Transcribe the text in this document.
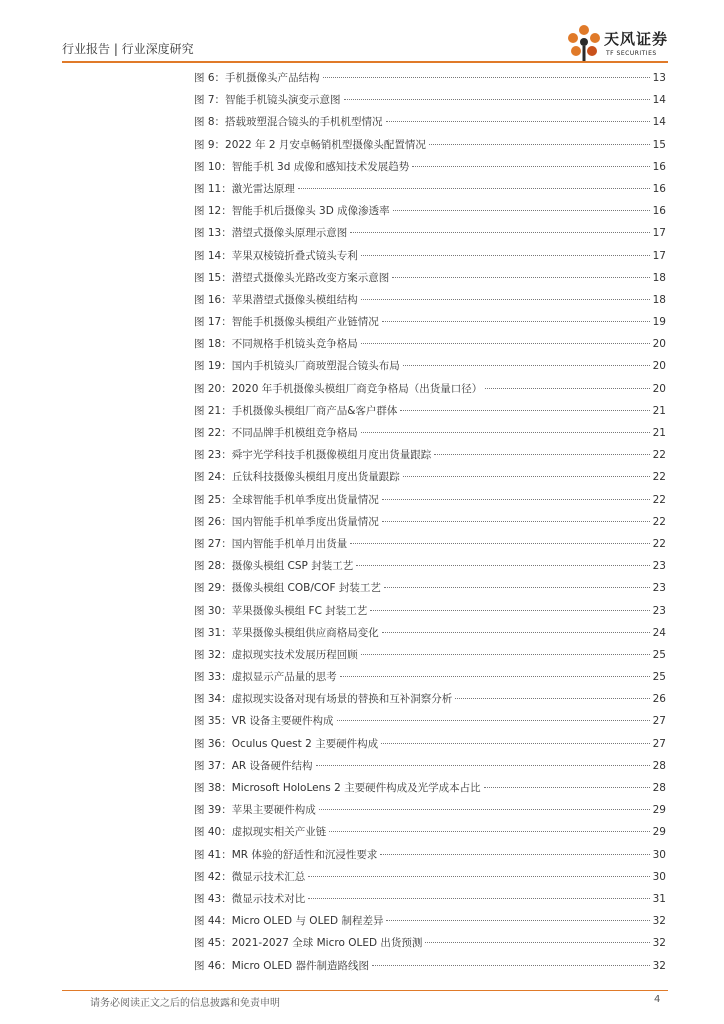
行业报告 | 行业深度研究
天风证券
TF SECURITIES
图 6：手机摄像头产品结构	13
图 7：智能手机镜头演变示意图	14
图 8：搭载玻塑混合镜头的手机机型情况	14
图 9：2022 年 2 月安卓畅销机型摄像头配置情况	15
图 10：智能手机 3d 成像和感知技术发展趋势	16
图 11：激光雷达原理	16
图 12：智能手机后摄像头 3D 成像渗透率	16
图 13：潜望式摄像头原理示意图	17
图 14：苹果双棱镜折叠式镜头专利	17
图 15：潜望式摄像头光路改变方案示意图	18
图 16：苹果潜望式摄像头模组结构	18
图 17：智能手机摄像头模组产业链情况	19
图 18：不同规格手机镜头竞争格局	20
图 19：国内手机镜头厂商玻塑混合镜头布局	20
图 20：2020 年手机摄像头模组厂商竞争格局（出货量口径）	20
图 21：手机摄像头模组厂商产品&客户群体	21
图 22：不同品牌手机模组竞争格局	21
图 23：舜宇光学科技手机摄像模组月度出货量跟踪	22
图 24：丘钛科技摄像头模组月度出货量跟踪	22
图 25：全球智能手机单季度出货量情况	22
图 26：国内智能手机单季度出货量情况	22
图 27：国内智能手机单月出货量	22
图 28：摄像头模组 CSP 封装工艺	23
图 29：摄像头模组 COB/COF 封装工艺	23
图 30：苹果摄像头模组 FC 封装工艺	23
图 31：苹果摄像头模组供应商格局变化	24
图 32：虚拟现实技术发展历程回顾	25
图 33：虚拟显示产品量的思考	25
图 34：虚拟现实设备对现有场景的替换和互补洞察分析	26
图 35：VR 设备主要硬件构成	27
图 36：Oculus Quest 2 主要硬件构成	27
图 37：AR 设备硬件结构	28
图 38：Microsoft HoloLens 2 主要硬件构成及光学成本占比	28
图 39：苹果主要硬件构成	29
图 40：虚拟现实相关产业链	29
图 41：MR 体验的舒适性和沉浸性要求	30
图 42：微显示技术汇总	30
图 43：微显示技术对比	31
图 44：Micro OLED 与 OLED 制程差异	32
图 45：2021-2027 全球 Micro OLED 出货预测	32
图 46：Micro OLED 器件制造路线图	32
请务必阅读正文之后的信息披露和免责申明	4
